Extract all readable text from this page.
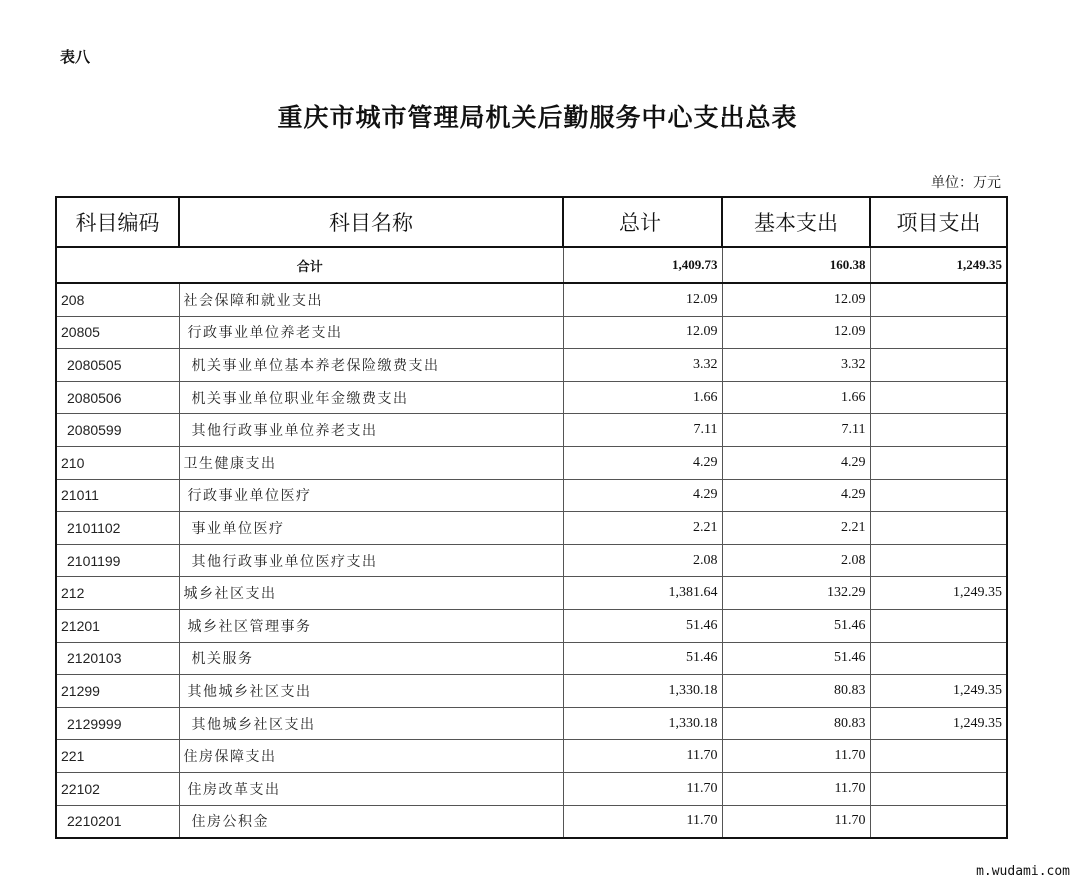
表八
重庆市城市管理局机关后勤服务中心支出总表
单位：万元
科目编码	科目名称	总计	基本支出	项目支出
合计		1,409.73	160.38	1,249.35
208	社会保障和就业支出	12.09	12.09	
20805	行政事业单位养老支出	12.09	12.09	
2080505	机关事业单位基本养老保险缴费支出	3.32	3.32	
2080506	机关事业单位职业年金缴费支出	1.66	1.66	
2080599	其他行政事业单位养老支出	7.11	7.11	
210	卫生健康支出	4.29	4.29	
21011	行政事业单位医疗	4.29	4.29	
2101102	事业单位医疗	2.21	2.21	
2101199	其他行政事业单位医疗支出	2.08	2.08	
212	城乡社区支出	1,381.64	132.29	1,249.35
21201	城乡社区管理事务	51.46	51.46	
2120103	机关服务	51.46	51.46	
21299	其他城乡社区支出	1,330.18	80.83	1,249.35
2129999	其他城乡社区支出	1,330.18	80.83	1,249.35
221	住房保障支出	11.70	11.70	
22102	住房改革支出	11.70	11.70	
2210201	住房公积金	11.70	11.70	
m.wudami.com
